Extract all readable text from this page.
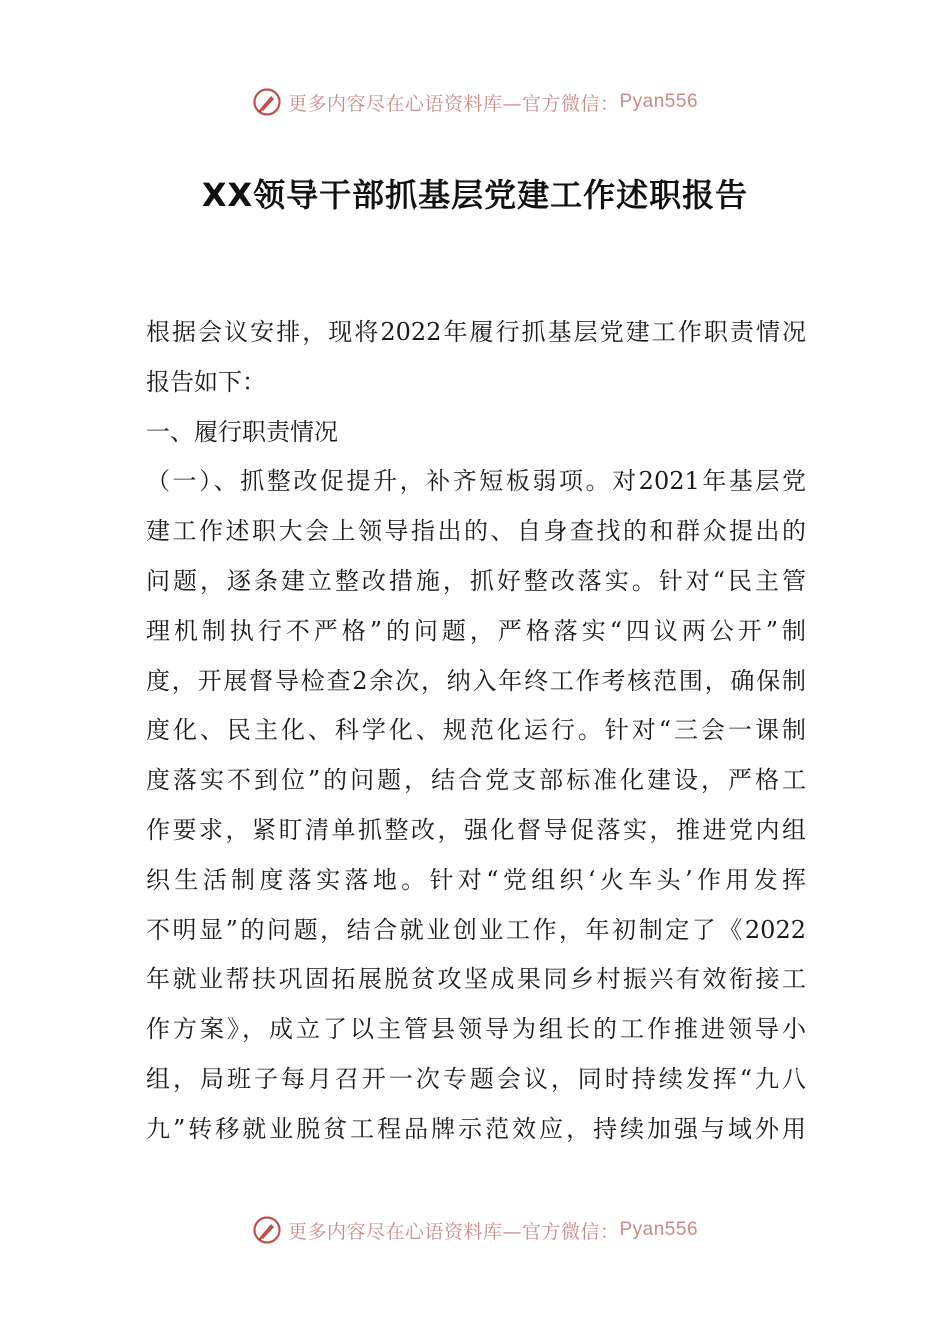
更多内容尽在心语资料库—官方微信： Pyan556
XX领导干部抓基层党建工作述职报告
根据会议安排，现将2022年履行抓基层党建工作职责情况
报告如下：
一、履行职责情况
（一）、抓整改促提升，补齐短板弱项。对2021年基层党
建工作述职大会上领导指出的、自身查找的和群众提出的
问题，逐条建立整改措施，抓好整改落实。针对“民主管
理机制执行不严格”的问题，严格落实“四议两公开”制
度，开展督导检查2余次，纳入年终工作考核范围，确保制
度化、民主化、科学化、规范化运行。针对“三会一课制
度落实不到位”的问题，结合党支部标准化建设，严格工
作要求，紧盯清单抓整改，强化督导促落实，推进党内组
织生活制度落实落地。针对“党组织‘火车头’作用发挥
不明显”的问题，结合就业创业工作，年初制定了《2022
年就业帮扶巩固拓展脱贫攻坚成果同乡村振兴有效衔接工
作方案》，成立了以主管县领导为组长的工作推进领导小
组，局班子每月召开一次专题会议，同时持续发挥“九八
九”转移就业脱贫工程品牌示范效应，持续加强与域外用
更多内容尽在心语资料库—官方微信： Pyan556
